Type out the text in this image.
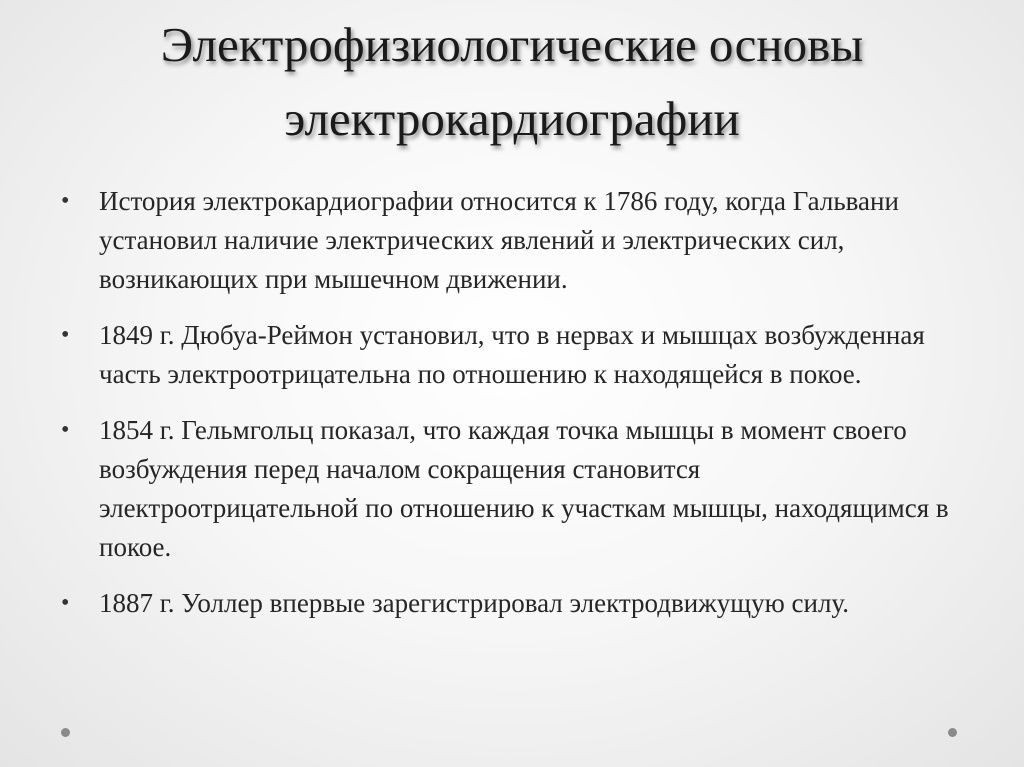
Электрофизиологические основы
электрокардиографии
• История электрокардиографии относится к 1786 году, когда Гальвани установил наличие электрических явлений и электрических сил, возникающих при мышечном движении.
• 1849 г. Дюбуа-Реймон установил, что в нервах и мышцах возбужденная часть электроотрицательна по отношению к находящейся в покое.
• 1854 г. Гельмгольц показал, что каждая точка мышцы в момент своего возбуждения перед началом сокращения становится электроотрицательной по отношению к участкам мышцы, находящимся в покое.
• 1887 г. Уоллер впервые зарегистрировал электродвижущую силу.
